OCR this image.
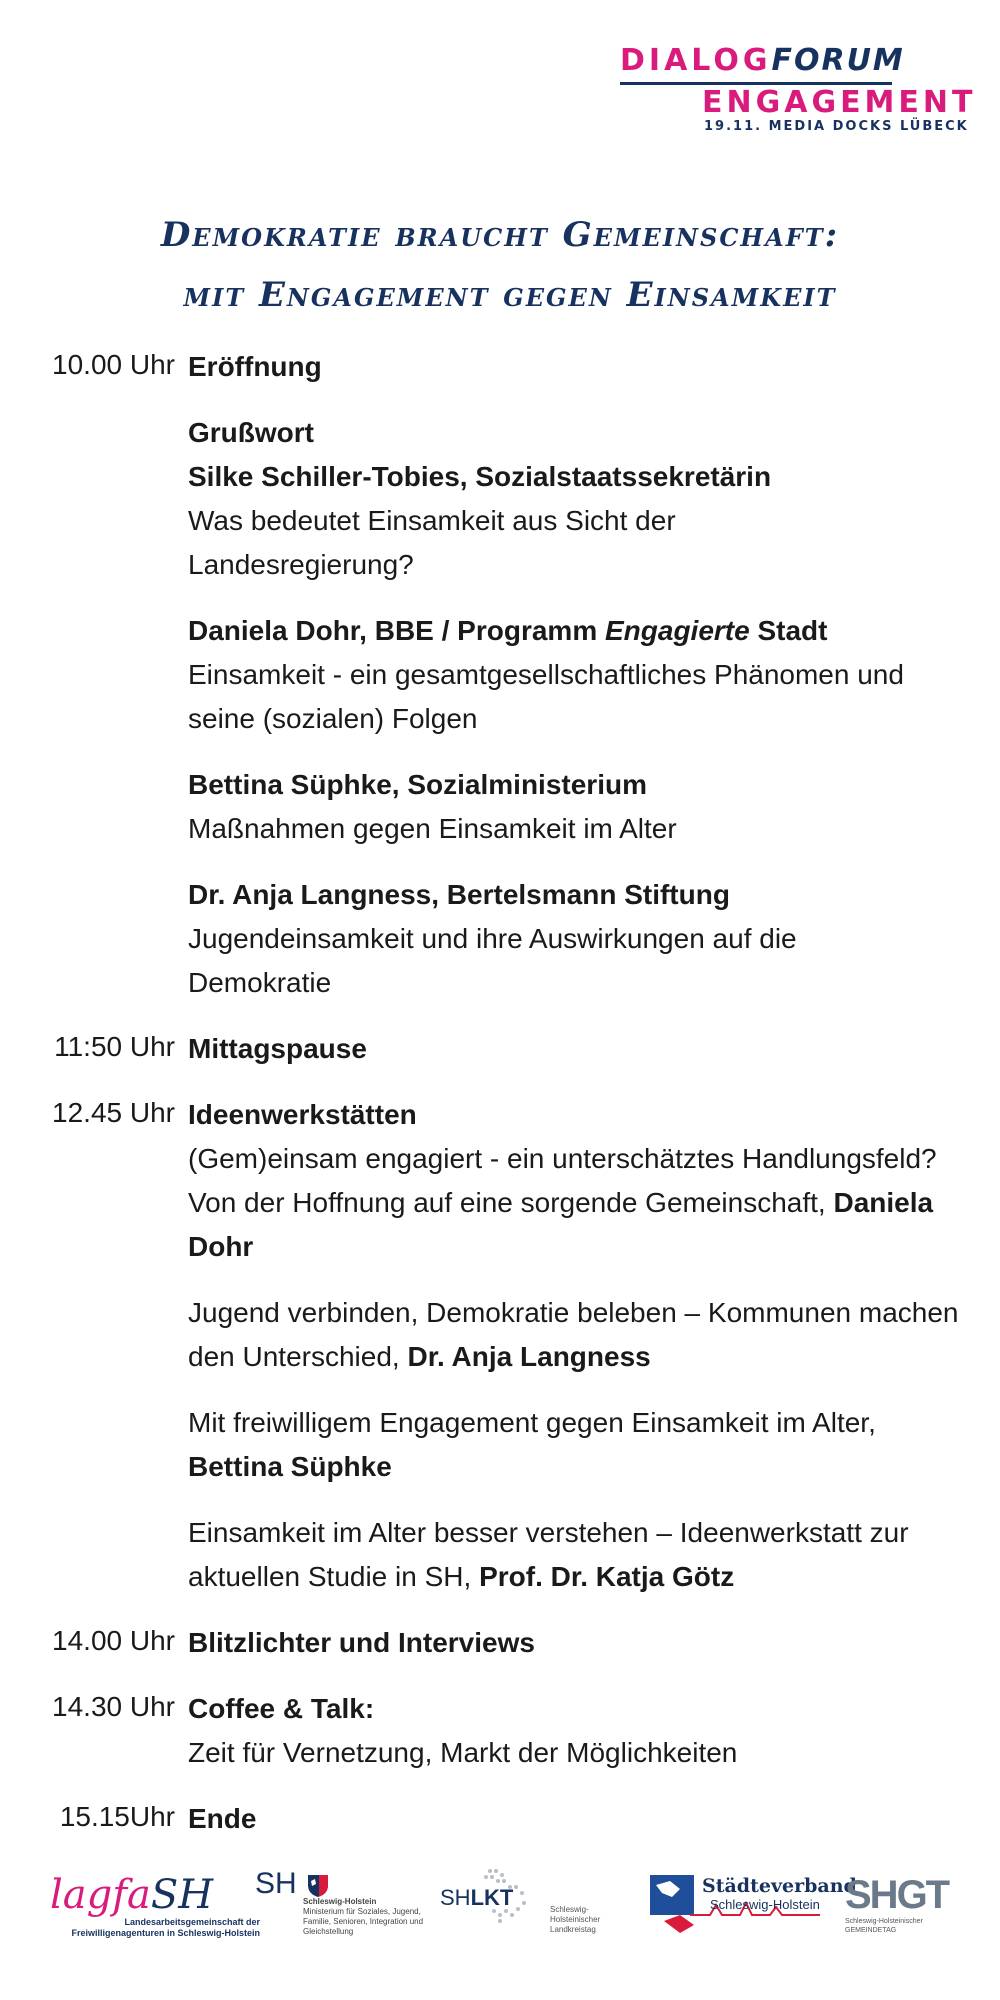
DIALOGFORUM
ENGAGEMENT
19.11. MEDIA DOCKS LÜBECK
Demokratie braucht Gemeinschaft:
mit Engagement gegen Einsamkeit
10.00 Uhr Eröffnung

Grußwort

Silke Schiller-Tobies, Sozialstaatssekretärin

Was bedeutet Einsamkeit aus Sicht der Landesregierung?

Daniela Dohr, BBE / Programm Engagierte Stadt

Einsamkeit - ein gesamtgesellschaftliches Phänomen und seine (sozialen) Folgen

Bettina Süphke, Sozialministerium

Maßnahmen gegen Einsamkeit im Alter

Dr. Anja Langness, Bertelsmann Stiftung

Jugendeinsamkeit und ihre Auswirkungen auf die Demokratie

11:50 Uhr Mittagspause

12.45 Uhr Ideenwerkstätten

(Gem)einsam engagiert - ein unterschätztes Handlungsfeld? Von der Hoffnung auf eine sorgende Gemeinschaft, Daniela Dohr

Jugend verbinden, Demokratie beleben – Kommunen machen den Unterschied, Dr. Anja Langness

Mit freiwilligem Engagement gegen Einsamkeit im Alter, Bettina Süphke

Einsamkeit im Alter besser verstehen – Ideenwerkstatt zur aktuellen Studie in SH, Prof. Dr. Katja Götz

14.00 Uhr Blitzlichter und Interviews

14.30 Uhr Coffee & Talk:

Zeit für Vernetzung, Markt der Möglichkeiten

15.15Uhr Ende

lagfaSH
Landesarbeitsgemeinschaft der Freiwilligenagenturen in Schleswig-Holstein
SH
Schleswig-Holstein
Ministerium für Soziales, Jugend, Familie, Senioren, Integration und Gleichstellung
SHLKT	Schleswig-Holsteinischer Landkreistag
Städteverband
Schleswig-Holstein SHGT
Schleswig-Holsteinischer GEMEINDETAG
